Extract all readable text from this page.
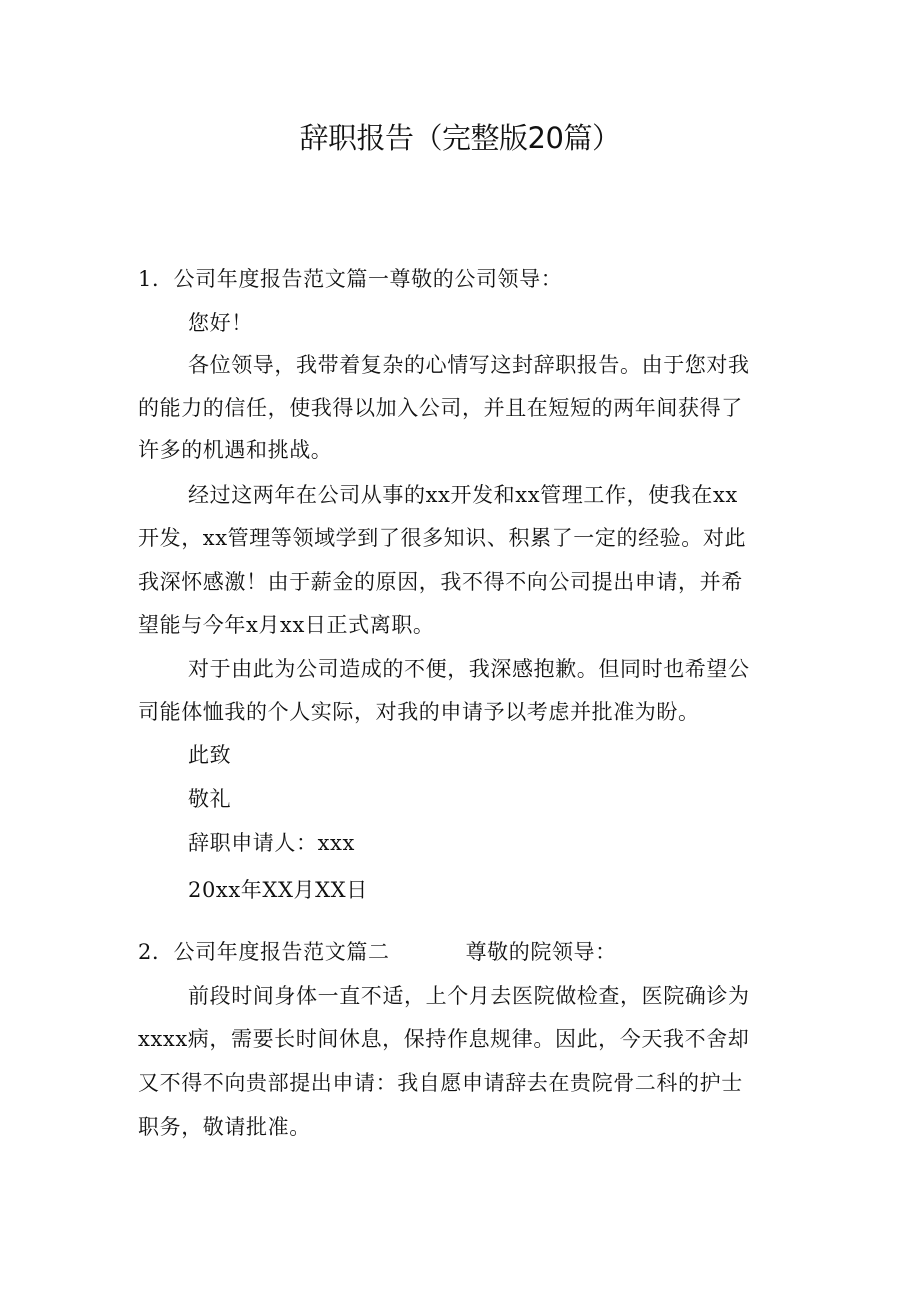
辞职报告（完整版20篇）

1．公司年度报告范文篇一尊敬的公司领导：

您好！

各位领导，我带着复杂的心情写这封辞职报告。由于您对我

的能力的信任，使我得以加入公司，并且在短短的两年间获得了

许多的机遇和挑战。

经过这两年在公司从事的xx开发和xx管理工作，使我在xx

开发，xx管理等领域学到了很多知识、积累了一定的经验。对此

我深怀感激！由于薪金的原因，我不得不向公司提出申请，并希

望能与今年x月xx日正式离职。

对于由此为公司造成的不便，我深感抱歉。但同时也希望公

司能体恤我的个人实际，对我的申请予以考虑并批准为盼。

此致

敬礼

辞职申请人：xxx

20xx年XX月XX日

2．公司年度报告范文篇二	尊敬的院领导：

前段时间身体一直不适，上个月去医院做检查，医院确诊为

xxxx病，需要长时间休息，保持作息规律。因此，今天我不舍却

又不得不向贵部提出申请：我自愿申请辞去在贵院骨二科的护士

职务，敬请批准。
